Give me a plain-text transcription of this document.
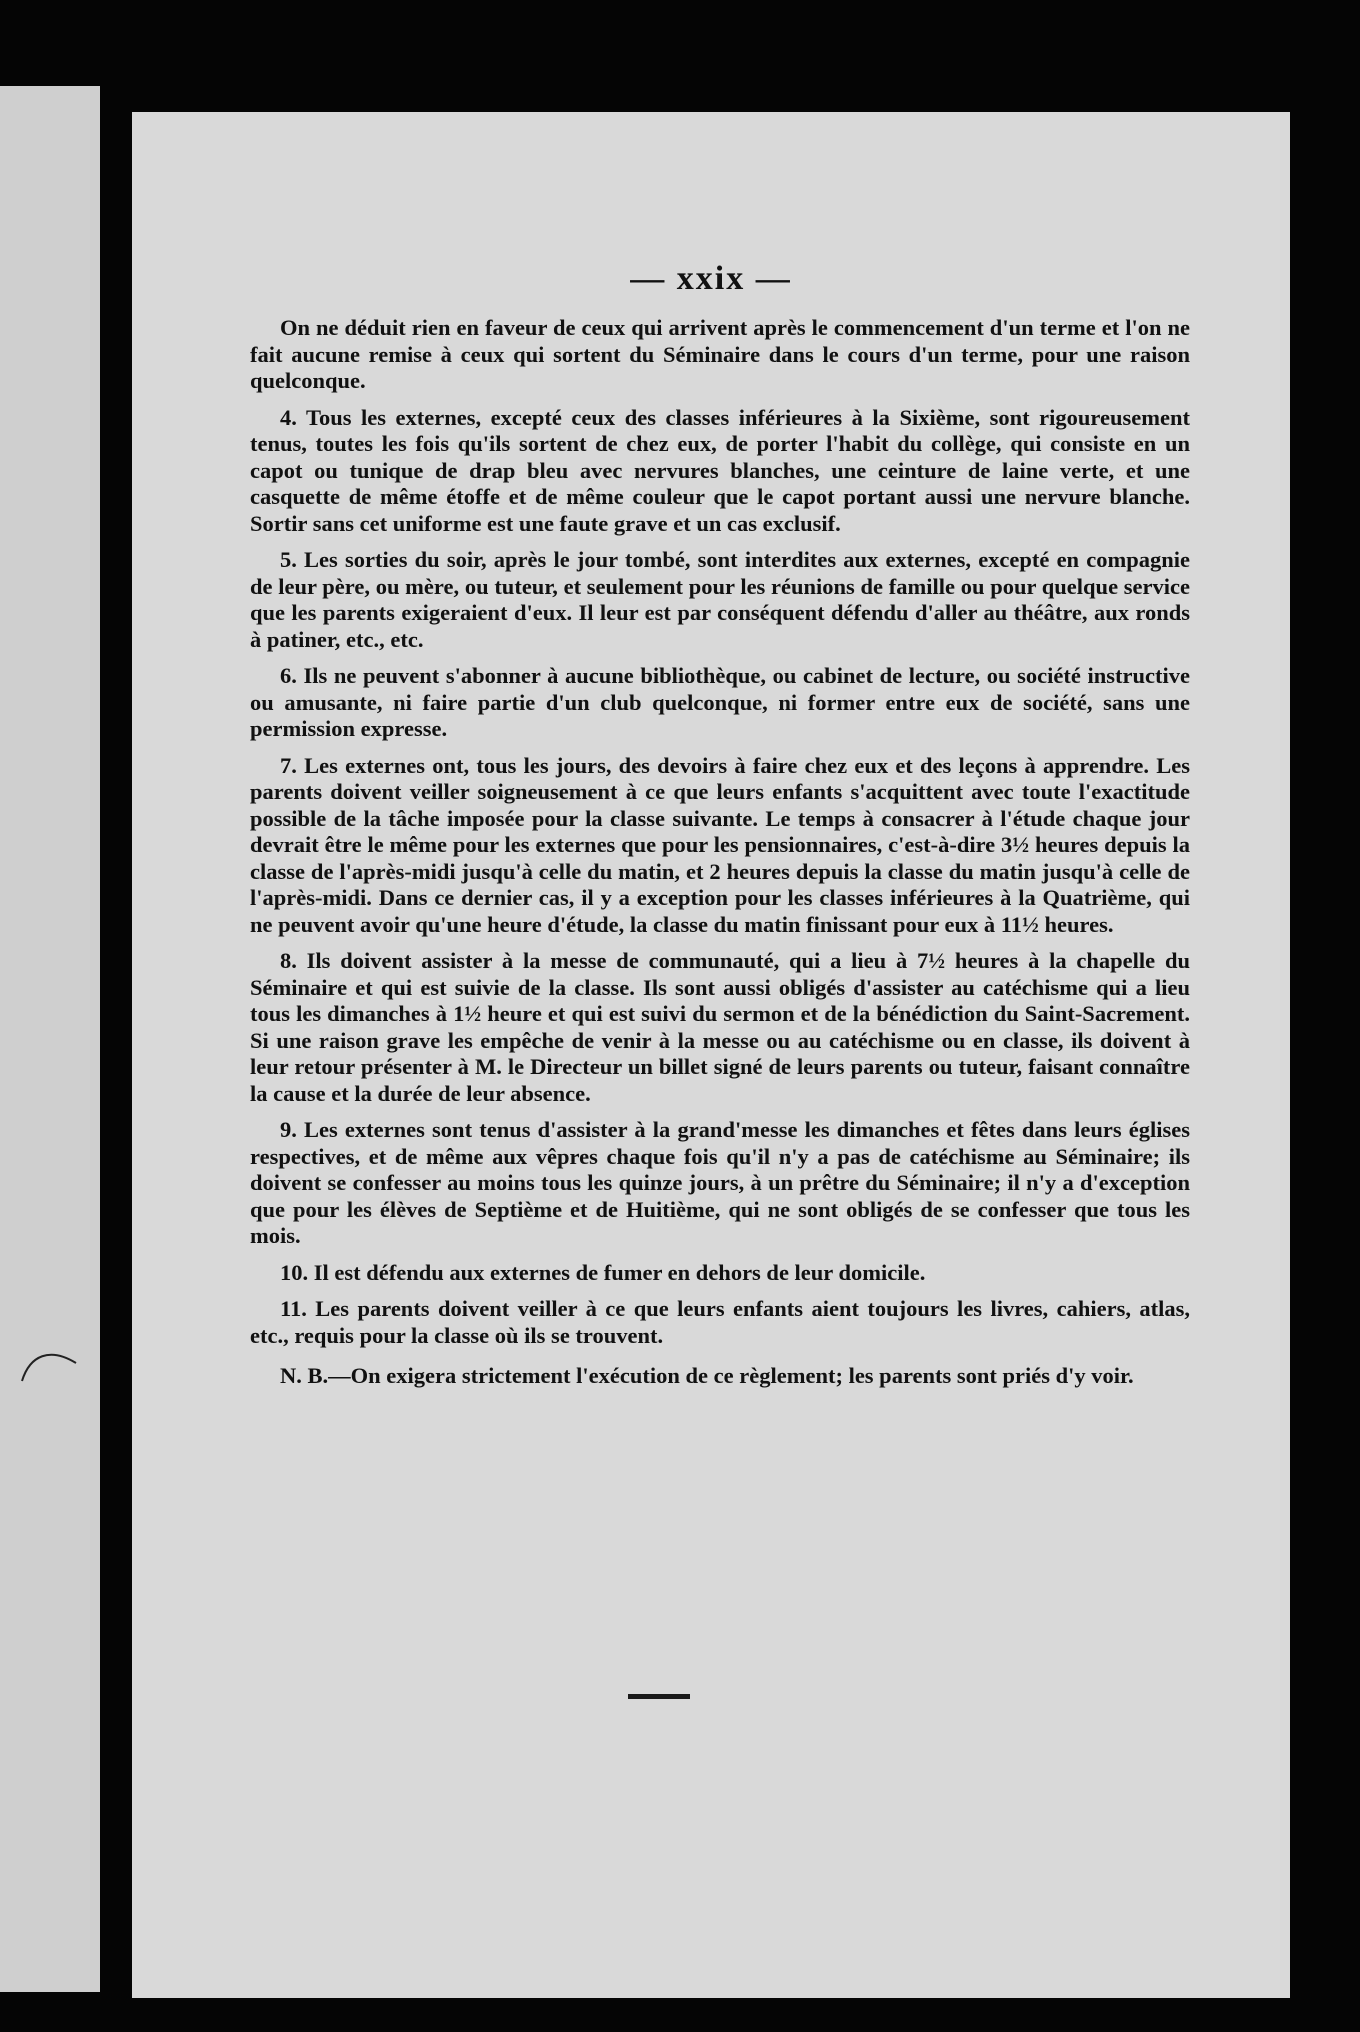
— xxix —

On ne déduit rien en faveur de ceux qui arrivent après le commencement d'un terme et l'on ne fait aucune remise à ceux qui sortent du Séminaire dans le cours d'un terme, pour une raison quelconque.

4. Tous les externes, excepté ceux des classes inférieures à la Sixième, sont rigoureusement tenus, toutes les fois qu'ils sortent de chez eux, de porter l'habit du collège, qui consiste en un capot ou tunique de drap bleu avec nervures blanches, une ceinture de laine verte, et une casquette de même étoffe et de même couleur que le capot portant aussi une nervure blanche. Sortir sans cet uniforme est une faute grave et un cas exclusif.

5. Les sorties du soir, après le jour tombé, sont interdites aux externes, excepté en compagnie de leur père, ou mère, ou tuteur, et seulement pour les réunions de famille ou pour quelque service que les parents exigeraient d'eux. Il leur est par conséquent défendu d'aller au théâtre, aux ronds à patiner, etc., etc.

6. Ils ne peuvent s'abonner à aucune bibliothèque, ou cabinet de lecture, ou société instructive ou amusante, ni faire partie d'un club quelconque, ni former entre eux de société, sans une permission expresse.

7. Les externes ont, tous les jours, des devoirs à faire chez eux et des leçons à apprendre. Les parents doivent veiller soigneusement à ce que leurs enfants s'acquittent avec toute l'exactitude possible de la tâche imposée pour la classe suivante. Le temps à consacrer à l'étude chaque jour devrait être le même pour les externes que pour les pensionnaires, c'est-à-dire 3½ heures depuis la classe de l'après-midi jusqu'à celle du matin, et 2 heures depuis la classe du matin jusqu'à celle de l'après-midi. Dans ce dernier cas, il y a exception pour les classes inférieures à la Quatrième, qui ne peuvent avoir qu'une heure d'étude, la classe du matin finissant pour eux à 11½ heures.

8. Ils doivent assister à la messe de communauté, qui a lieu à 7½ heures à la chapelle du Séminaire et qui est suivie de la classe. Ils sont aussi obligés d'assister au catéchisme qui a lieu tous les dimanches à 1½ heure et qui est suivi du sermon et de la bénédiction du Saint-Sacrement. Si une raison grave les empêche de venir à la messe ou au catéchisme ou en classe, ils doivent à leur retour présenter à M. le Directeur un billet signé de leurs parents ou tuteur, faisant connaître la cause et la durée de leur absence.

9. Les externes sont tenus d'assister à la grand'messe les dimanches et fêtes dans leurs églises respectives, et de même aux vêpres chaque fois qu'il n'y a pas de catéchisme au Séminaire; ils doivent se confesser au moins tous les quinze jours, à un prêtre du Séminaire; il n'y a d'exception que pour les élèves de Septième et de Huitième, qui ne sont obligés de se confesser que tous les mois.

10. Il est défendu aux externes de fumer en dehors de leur domicile.

11. Les parents doivent veiller à ce que leurs enfants aient toujours les livres, cahiers, atlas, etc., requis pour la classe où ils se trouvent.

N. B.—On exigera strictement l'exécution de ce règlement; les parents sont priés d'y voir.
